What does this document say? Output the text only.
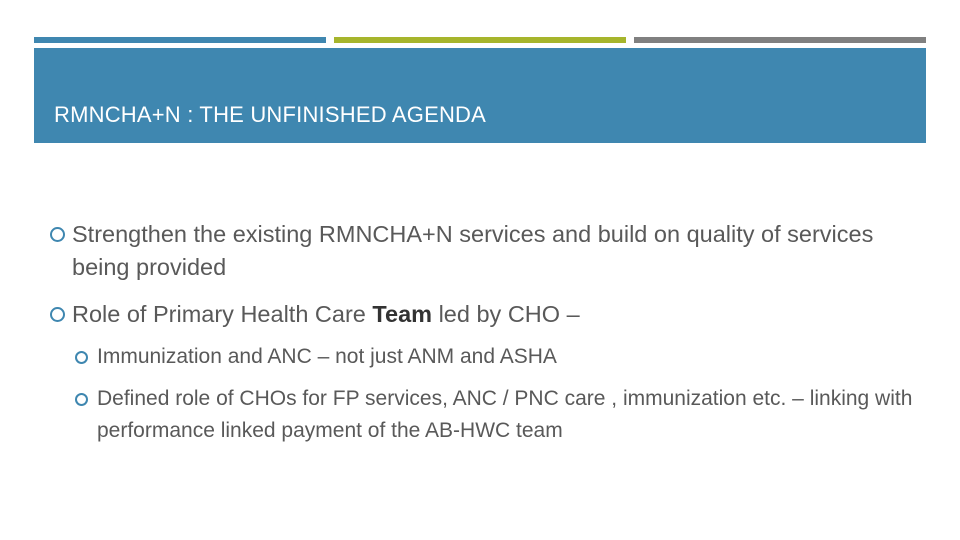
RMNCHA+N : THE UNFINISHED AGENDA
Strengthen the existing RMNCHA+N services and build on quality of services being provided
Role of Primary Health Care Team led by CHO –
Immunization and ANC – not just ANM and ASHA
Defined role of CHOs for FP services, ANC / PNC care , immunization etc. – linking with performance linked payment of the AB-HWC team
